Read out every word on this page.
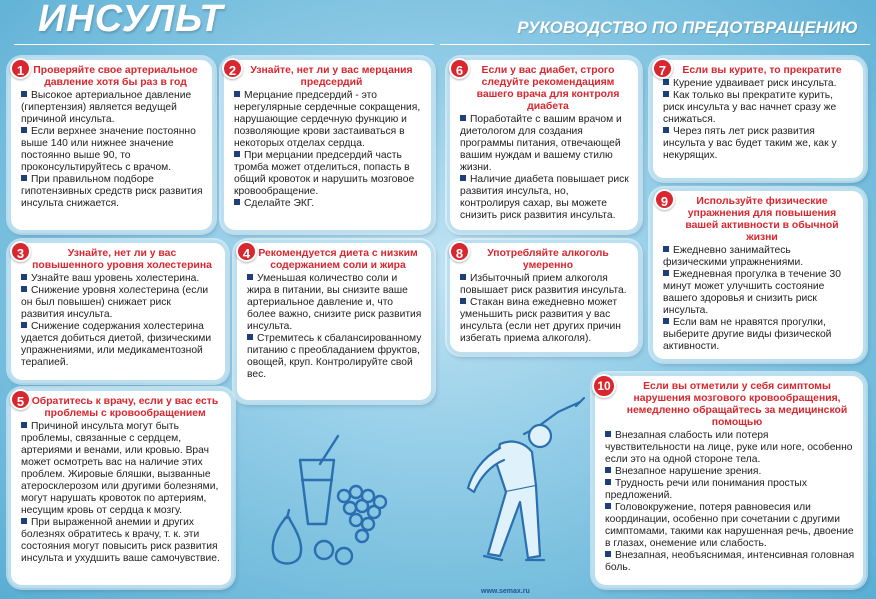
ИНСУЛЬТ	РУКОВОДСТВО ПО ПРЕДОТВРАЩЕНИЮ
1 Проверяйте свое артериальное давление хотя бы раз в год
Высокое артериальное давление (гипертензия) является ведущей причиной инсульта.
Если верхнее значение постоянно выше 140 или нижнее значение постоянно выше 90, то проконсультируйтесь с врачом.
При правильном подборе гипотензивных средств риск развития инсульта снижается.
2	Узнайте, нет ли у вас мерцания предсердий
Мерцание предсердий - это нерегулярные сердечные сокращения, нарушающие сердечную функцию и позволяющие крови застаиваться в некоторых отделах сердца.
При мерцании предсердий часть тромба может отделиться, попасть в общий кровоток и нарушить мозговое кровообращение.
Сделайте ЭКГ.
6	Если у вас диабет, строго следуйте рекомендациям вашего врача для контроля диабета
Поработайте с вашим врачом и диетологом для создания программы питания, отвечающей вашим нуждам и вашему стилю жизни.
Наличие диабета повышает риск развития инсульта, но, контролируя сахар, вы можете снизить риск развития инсульта.
7	Если вы курите, то прекратите
Курение удваивает риск инсульта.
Как только вы прекратите курить, риск инсульта у вас начнет сразу же снижаться.
Через пять лет риск развития инсульта у вас будет таким же, как у некурящих.
3	Узнайте, нет ли у вас повышенного уровня холестерина
Узнайте ваш уровень холестерина.
Снижение уровня холестерина (если он был повышен) снижает риск развития инсульта.
Снижение содержания холестерина удается добиться диетой, физическими упражнениями, или медикаментозной терапией.
4 Рекомендуется диета с низким содержанием соли и жира
Уменьшая количество соли и жира в питании, вы снизите ваше артериальное давление и, что более важно, снизите риск развития инсульта.
Стремитесь к сбалансированному питанию с преобладанием фруктов, овощей, круп. Контролируйте свой вес.
8	Употребляйте алкоголь умеренно
Избыточный прием алкоголя повышает риск развития инсульта.
Стакан вина ежедневно может уменьшить риск развития у вас инсульта (если нет других причин избегать приема алкоголя).
9	Используйте физические упражнения для повышения вашей активности в обычной жизни
Ежедневно занимайтесь физическими упражнениями.
Ежедневная прогулка в течение 30 минут может улучшить состояние вашего здоровья и снизить риск инсульта.
Если вам не нравятся прогулки, выберите другие виды физической активности.
5 Обратитесь к врачу, если у вас есть проблемы с кровообращением
Причиной инсульта могут быть проблемы, связанные с сердцем, артериями и венами, или кровью. Врач может осмотреть вас на наличие этих проблем. Жировые бляшки, вызванные атеросклерозом или другими болезнями, могут нарушать кровоток по артериям, несущим кровь от сердца к мозгу.
При выраженной анемии и других болезнях обратитесь к врачу, т. к. эти состояния могут повысить риск развития инсульта и ухудшить ваше самочувствие.
10	Если вы отметили у себя симптомы нарушения мозгового кровообращения, немедленно обращайтесь за медицинской помощью
Внезапная слабость или потеря чувствительности на лице, руке или ноге, особенно если это на одной стороне тела.
Внезапное нарушение зрения.
Трудность речи или понимания простых предложений.
Головокружение, потеря равновесия или координации, особенно при сочетании с другими симптомами, такими как нарушенная речь, двоение в глазах, онемение или слабость.
Внезапная, необъяснимая, интенсивная головная боль.
www.semax.ru
